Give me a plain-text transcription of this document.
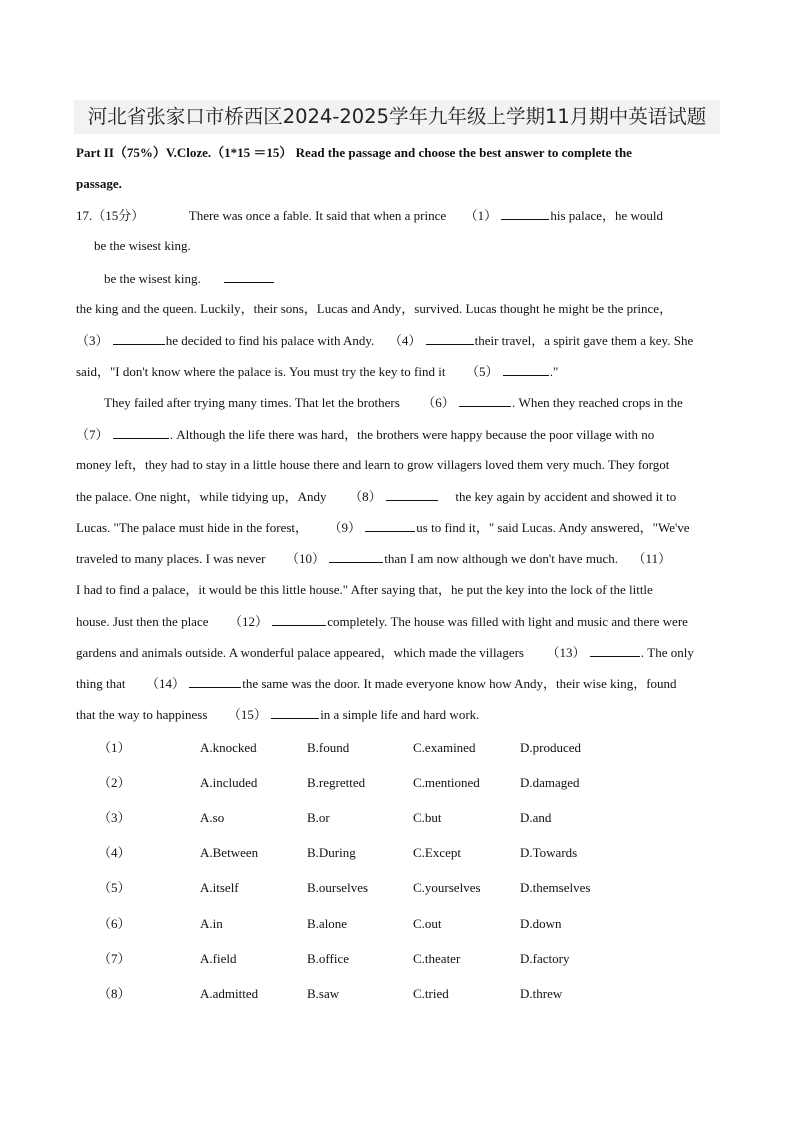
河北省张家口市桥西区2024-2025学年九年级上学期11月期中英语试题
Part II（75%）V.Cloze.（1*15 ＝15） Read the passage and choose the best answer to complete the
passage.
17.（15分）	There was once a fable. It said that when a prince （1）	his palace，he would
be the wisest king.
be the wisest king.
the king and the queen. Luckily，their sons，Lucas and Andy，survived. Lucas thought he might be the prince，
（3）	he decided to find his palace with Andy. （4）	their travel，a spirit gave them a key. She
said，"I don't know where the palace is. You must try the key to find it （5）	."
They failed after trying many times. That let the brothers （6）	. When they reached crops in the
（7）	. Although the life there was hard，the brothers were happy because the poor village with no
money left，they had to stay in a little house there and learn to grow villagers loved them very much. They forgot
the palace. One night，while tidying up，Andy （8）	the key again by accident and showed it to
Lucas. "The palace must hide in the forest， （9）	us to find it，" said Lucas. Andy answered，"We've
traveled to many places. I was never （10）	than I am now although we don't have much. （11）
I had to find a palace，it would be this little house." After saying that，he put the key into the lock of the little
house. Just then the place （12）	completely. The house was filled with light and music and there were
gardens and animals outside. A wonderful palace appeared，which made the villagers （13）	. The only
thing that （14）	the same was the door. It made everyone know how Andy，their wise king，found
that the way to happiness （15）	in a simple life and hard work.
（1）	A.knocked	B.found	C.examined	D.produced
（2）	A.included	B.regretted	C.mentioned	D.damaged
（3）	A.so	B.or	C.but	D.and
（4）	A.Between	B.During	C.Except	D.Towards
（5）	A.itself	B.ourselves	C.yourselves	D.themselves
（6）	A.in	B.alone	C.out	D.down
（7）	A.field	B.office	C.theater	D.factory
（8）	A.admitted	B.saw	C.tried	D.threw
